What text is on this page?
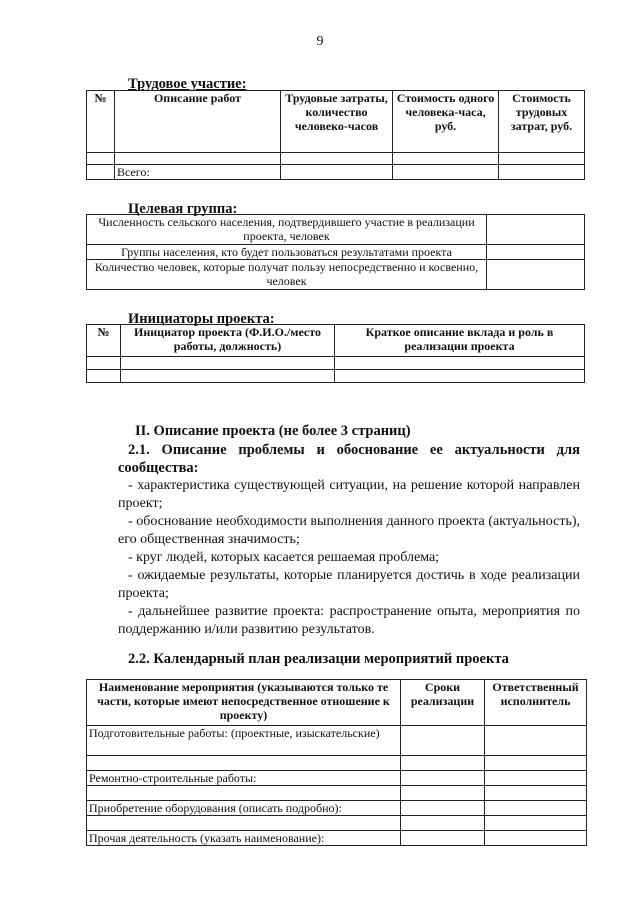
9
Трудовое участие:
№	Описание работ	Трудовые затраты, количество человеко-часов	Стоимость одного человека-часа, руб.	Стоимость трудовых затрат, руб.

	Всего:			
Целевая группа:
Численность сельского населения, подтвердившего участие в реализации проекта, человек	
Группы населения, кто будет пользоваться результатами проекта	
Количество человек, которые получат пользу непосредственно и косвенно, человек	
Инициаторы проекта:
№	Инициатор проекта (Ф.И.О./место работы, должность)	Краткое описание вклада и роль в реализации проекта

II. Описание проекта (не более 3 страниц)
2.1. Описание проблемы и обоснование ее актуальности для сообщества:
- характеристика существующей ситуации, на решение которой направлен проект;
- обоснование необходимости выполнения данного проекта (актуальность), его общественная значимость;
- круг людей, которых касается решаемая проблема;
- ожидаемые результаты, которые планируется достичь в ходе реализации проекта;
- дальнейшее развитие проекта: распространение опыта, мероприятия по поддержанию и/или развитию результатов.
2.2. Календарный план реализации мероприятий проекта
Наименование мероприятия (указываются только те части, которые имеют непосредственное отношение к проекту)	Сроки реализации	Ответственный исполнитель
Подготовительные работы: (проектные, изыскательские)		

Ремонтно-строительные работы:		

Приобретение оборудования (описать подробно):		

Прочая деятельность (указать наименование):		
